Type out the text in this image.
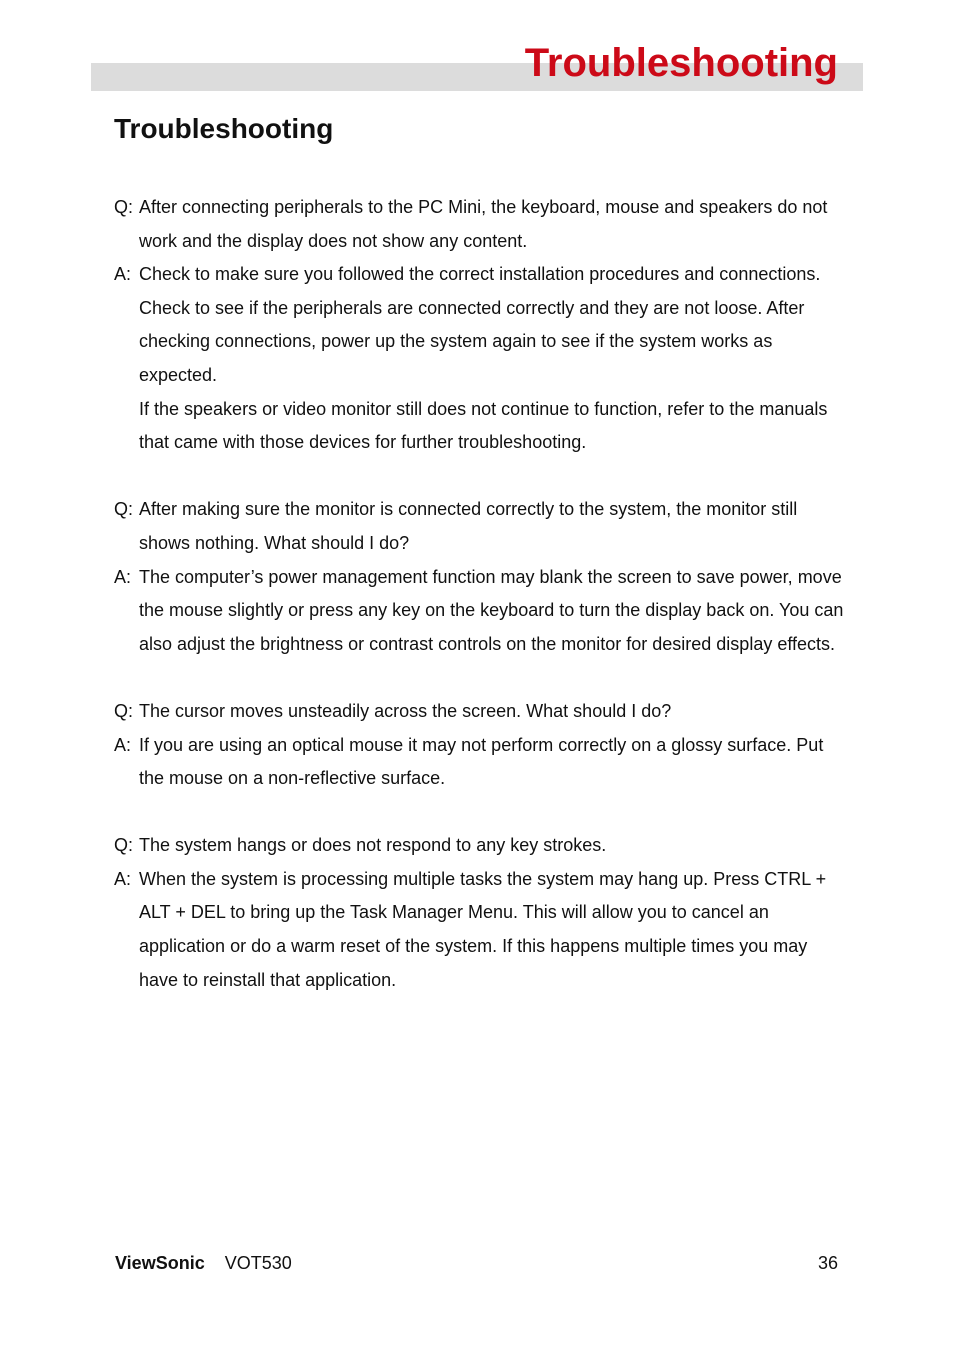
Troubleshooting
Troubleshooting
Q: After connecting peripherals to the PC Mini, the keyboard, mouse and speakers do not work and the display does not show any content.

A: Check to make sure you followed the correct installation procedures and connections. Check to see if the peripherals are connected correctly and they are not loose. After checking connections, power up the system again to see if the system works as expected.

If the speakers or video monitor still does not continue to function, refer to the manuals that came with those devices for further troubleshooting.

Q: After making sure the monitor is connected correctly to the system, the monitor still shows nothing. What should I do?

A: The computer’s power management function may blank the screen to save power, move the mouse slightly or press any key on the keyboard to turn the display back on. You can also adjust the brightness or contrast controls on the monitor for desired display effects.

Q: The cursor moves unsteadily across the screen. What should I do?

A: If you are using an optical mouse it may not perform correctly on a glossy surface. Put the mouse on a non-reflective surface.

Q: The system hangs or does not respond to any key strokes.

A: When the system is processing multiple tasks the system may hang up. Press CTRL + ALT + DEL to bring up the Task Manager Menu. This will allow you to cancel an application or do a warm reset of the system. If this happens multiple times you may have to reinstall that application.

ViewSonic VOT530	36
